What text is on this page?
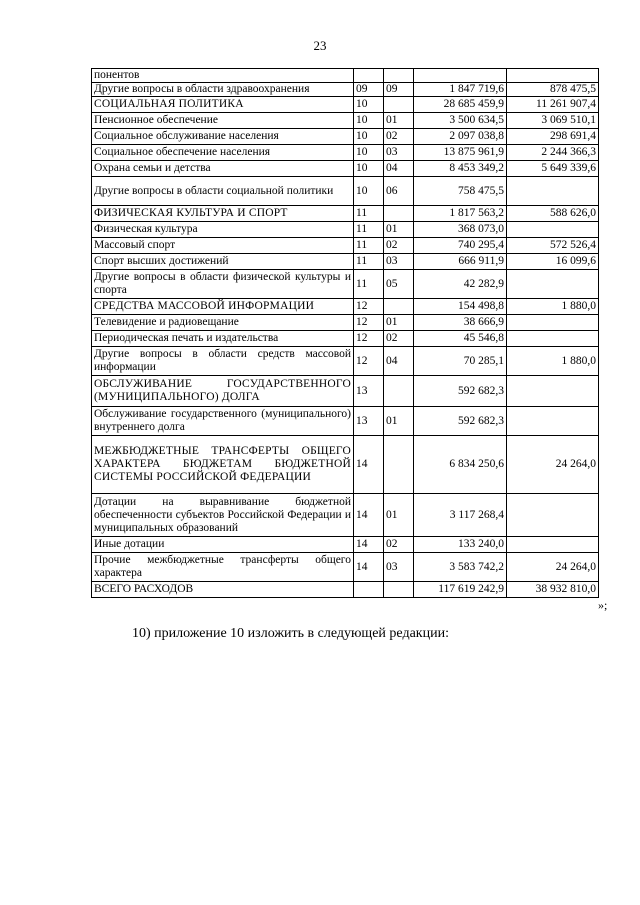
23
понентов				
Другие вопросы в области здравоохранения	09	09	1 847 719,6	878 475,5
СОЦИАЛЬНАЯ ПОЛИТИКА	10		28 685 459,9	11 261 907,4
Пенсионное обеспечение	10	01	3 500 634,5	3 069 510,1
Социальное обслуживание населения	10	02	2 097 038,8	298 691,4
Социальное обеспечение населения	10	03	13 875 961,9	2 244 366,3
Охрана семьи и детства	10	04	8 453 349,2	5 649 339,6
Другие вопросы в области социальной политики	10	06	758 475,5	
ФИЗИЧЕСКАЯ КУЛЬТУРА И СПОРТ	11		1 817 563,2	588 626,0
Физическая культура	11	01	368 073,0	
Массовый спорт	11	02	740 295,4	572 526,4
Спорт высших достижений	11	03	666 911,9	16 099,6
Другие вопросы в области физической культуры и спорта	11	05	42 282,9	
СРЕДСТВА МАССОВОЙ ИНФОРМАЦИИ	12		154 498,8	1 880,0
Телевидение и радиовещание	12	01	38 666,9	
Периодическая печать и издательства	12	02	45 546,8	
Другие вопросы в области средств массовой информации	12	04	70 285,1	1 880,0
ОБСЛУЖИВАНИЕ ГОСУДАРСТВЕННОГО (МУНИЦИПАЛЬНОГО) ДОЛГА	13		592 682,3	
Обслуживание государственного (муниципального) внутреннего долга	13	01	592 682,3	
МЕЖБЮДЖЕТНЫЕ ТРАНСФЕРТЫ ОБЩЕГО ХАРАКТЕРА БЮДЖЕТАМ БЮДЖЕТНОЙ СИСТЕМЫ РОССИЙСКОЙ ФЕДЕРАЦИИ	14		6 834 250,6	24 264,0
Дотации на выравнивание бюджетной обеспеченности субъектов Российской Федерации и муниципальных образований	14	01	3 117 268,4	
Иные дотации	14	02	133 240,0	
Прочие межбюджетные трансферты общего характера	14	03	3 583 742,2	24 264,0
ВСЕГО РАСХОДОВ			117 619 242,9	38 932 810,0
»;
10) приложение 10 изложить в следующей редакции:
